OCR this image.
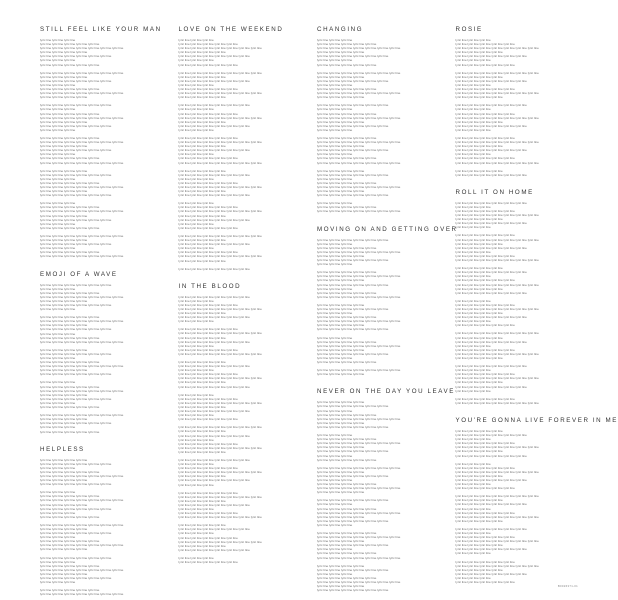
STILL FEEL LIKE YOUR MAN
lyric line lyric line lyric line
lyric line lyric line lyric line lyric line lyric line
lyric line lyric line lyric line lyric line lyric line lyric line lyric line
lyric line lyric line lyric line lyric line
lyric line lyric line lyric line lyric line lyric line lyric line
lyric line lyric line lyric line
lyric line lyric line lyric line lyric line lyric line
lyric line lyric line lyric line lyric line lyric line lyric line lyric line
lyric line lyric line lyric line lyric line
lyric line lyric line lyric line lyric line lyric line lyric line
lyric line lyric line lyric line
lyric line lyric line lyric line lyric line lyric line
lyric line lyric line lyric line lyric line lyric line lyric line lyric line
lyric line lyric line lyric line lyric line
lyric line lyric line lyric line lyric line lyric line lyric line
lyric line lyric line lyric line
lyric line lyric line lyric line lyric line lyric line
lyric line lyric line lyric line lyric line lyric line lyric line lyric line
lyric line lyric line lyric line lyric line
lyric line lyric line lyric line lyric line lyric line lyric line
lyric line lyric line lyric line
lyric line lyric line lyric line lyric line lyric line
lyric line lyric line lyric line lyric line lyric line lyric line lyric line
lyric line lyric line lyric line lyric line
lyric line lyric line lyric line lyric line lyric line lyric line
lyric line lyric line lyric line
lyric line lyric line lyric line lyric line lyric line
lyric line lyric line lyric line lyric line lyric line lyric line lyric line
lyric line lyric line lyric line lyric line
lyric line lyric line lyric line lyric line lyric line lyric line
lyric line lyric line lyric line
lyric line lyric line lyric line lyric line lyric line
lyric line lyric line lyric line lyric line lyric line lyric line lyric line
lyric line lyric line lyric line lyric line
lyric line lyric line lyric line lyric line lyric line lyric line
lyric line lyric line lyric line
lyric line lyric line lyric line lyric line lyric line
lyric line lyric line lyric line lyric line lyric line lyric line lyric line
lyric line lyric line lyric line lyric line
lyric line lyric line lyric line lyric line lyric line lyric line
lyric line lyric line lyric line
lyric line lyric line lyric line lyric line lyric line
lyric line lyric line lyric line lyric line lyric line lyric line lyric line
lyric line lyric line lyric line lyric line
lyric line lyric line lyric line lyric line lyric line lyric line
lyric line lyric line lyric line
lyric line lyric line lyric line lyric line lyric line
lyric line lyric line lyric line lyric line lyric line lyric line lyric line
EMOJI OF A WAVE
lyric line lyric line lyric line lyric line lyric line lyric line
lyric line lyric line lyric line
lyric line lyric line lyric line lyric line lyric line
lyric line lyric line lyric line lyric line lyric line lyric line lyric line
lyric line lyric line lyric line lyric line
lyric line lyric line lyric line lyric line lyric line lyric line
lyric line lyric line lyric line
lyric line lyric line lyric line lyric line lyric line
lyric line lyric line lyric line lyric line lyric line lyric line lyric line
lyric line lyric line lyric line lyric line
lyric line lyric line lyric line lyric line lyric line lyric line
lyric line lyric line lyric line
lyric line lyric line lyric line lyric line lyric line
lyric line lyric line lyric line lyric line lyric line lyric line lyric line
lyric line lyric line lyric line lyric line
lyric line lyric line lyric line lyric line lyric line lyric line
lyric line lyric line lyric line
lyric line lyric line lyric line lyric line lyric line
lyric line lyric line lyric line lyric line lyric line lyric line lyric line
lyric line lyric line lyric line lyric line
lyric line lyric line lyric line lyric line lyric line lyric line
lyric line lyric line lyric line
lyric line lyric line lyric line lyric line lyric line
lyric line lyric line lyric line lyric line lyric line lyric line lyric line
lyric line lyric line lyric line lyric line
lyric line lyric line lyric line lyric line lyric line lyric line
lyric line lyric line lyric line
lyric line lyric line lyric line lyric line lyric line
lyric line lyric line lyric line lyric line lyric line lyric line lyric line
lyric line lyric line lyric line lyric line
lyric line lyric line lyric line lyric line lyric line lyric line
lyric line lyric line lyric line
lyric line lyric line lyric line lyric line lyric line
HELPLESS
lyric line lyric line lyric line lyric line
lyric line lyric line lyric line lyric line lyric line lyric line
lyric line lyric line lyric line
lyric line lyric line lyric line lyric line lyric line
lyric line lyric line lyric line lyric line lyric line lyric line lyric line
lyric line lyric line lyric line lyric line
lyric line lyric line lyric line lyric line lyric line lyric line
lyric line lyric line lyric line
lyric line lyric line lyric line lyric line lyric line
lyric line lyric line lyric line lyric line lyric line lyric line lyric line
lyric line lyric line lyric line lyric line
lyric line lyric line lyric line lyric line lyric line lyric line
lyric line lyric line lyric line
lyric line lyric line lyric line lyric line lyric line
lyric line lyric line lyric line lyric line lyric line lyric line lyric line
lyric line lyric line lyric line lyric line
lyric line lyric line lyric line lyric line lyric line lyric line
lyric line lyric line lyric line
lyric line lyric line lyric line lyric line lyric line
lyric line lyric line lyric line lyric line lyric line lyric line lyric line
lyric line lyric line lyric line lyric line
lyric line lyric line lyric line lyric line lyric line lyric line
lyric line lyric line lyric line
lyric line lyric line lyric line lyric line lyric line
lyric line lyric line lyric line lyric line lyric line lyric line lyric line
lyric line lyric line lyric line lyric line
lyric line lyric line lyric line lyric line lyric line lyric line
lyric line lyric line lyric line
lyric line lyric line lyric line lyric line lyric line
lyric line lyric line lyric line lyric line lyric line lyric line lyric line
LOVE ON THE WEEKEND
lyric line lyric line lyric line
lyric line lyric line lyric line lyric line lyric line
lyric line lyric line lyric line lyric line lyric line lyric line lyric line
lyric line lyric line lyric line lyric line
lyric line lyric line lyric line lyric line lyric line lyric line
lyric line lyric line lyric line
lyric line lyric line lyric line lyric line lyric line
lyric line lyric line lyric line lyric line lyric line lyric line lyric line
lyric line lyric line lyric line lyric line
lyric line lyric line lyric line lyric line lyric line lyric line
lyric line lyric line lyric line
lyric line lyric line lyric line lyric line lyric line
lyric line lyric line lyric line lyric line lyric line lyric line lyric line
lyric line lyric line lyric line lyric line
lyric line lyric line lyric line lyric line lyric line lyric line
lyric line lyric line lyric line
lyric line lyric line lyric line lyric line lyric line
lyric line lyric line lyric line lyric line lyric line lyric line lyric line
lyric line lyric line lyric line lyric line
lyric line lyric line lyric line lyric line lyric line lyric line
lyric line lyric line lyric line
lyric line lyric line lyric line lyric line lyric line
lyric line lyric line lyric line lyric line lyric line lyric line lyric line
lyric line lyric line lyric line lyric line
lyric line lyric line lyric line lyric line lyric line lyric line
lyric line lyric line lyric line
lyric line lyric line lyric line lyric line lyric line
lyric line lyric line lyric line lyric line lyric line lyric line lyric line
lyric line lyric line lyric line lyric line
lyric line lyric line lyric line lyric line lyric line lyric line
lyric line lyric line lyric line
lyric line lyric line lyric line lyric line lyric line
lyric line lyric line lyric line lyric line lyric line lyric line lyric line
lyric line lyric line lyric line lyric line
lyric line lyric line lyric line lyric line lyric line lyric line
lyric line lyric line lyric line
lyric line lyric line lyric line lyric line lyric line
lyric line lyric line lyric line lyric line lyric line lyric line lyric line
lyric line lyric line lyric line lyric line
lyric line lyric line lyric line lyric line lyric line lyric line
lyric line lyric line lyric line
lyric line lyric line lyric line lyric line lyric line
lyric line lyric line lyric line lyric line lyric line lyric line lyric line
lyric line lyric line lyric line lyric line
lyric line lyric line lyric line lyric line lyric line lyric line
lyric line lyric line lyric line
lyric line lyric line lyric line lyric line lyric line
lyric line lyric line lyric line lyric line lyric line lyric line lyric line
lyric line lyric line lyric line lyric line
lyric line lyric line lyric line lyric line lyric line lyric line
IN THE BLOOD
lyric line lyric line lyric line lyric line lyric line lyric line
lyric line lyric line lyric line
lyric line lyric line lyric line lyric line lyric line
lyric line lyric line lyric line lyric line lyric line lyric line lyric line
lyric line lyric line lyric line lyric line
lyric line lyric line lyric line lyric line lyric line lyric line
lyric line lyric line lyric line
lyric line lyric line lyric line lyric line lyric line
lyric line lyric line lyric line lyric line lyric line lyric line lyric line
lyric line lyric line lyric line lyric line
lyric line lyric line lyric line lyric line lyric line lyric line
lyric line lyric line lyric line
lyric line lyric line lyric line lyric line lyric line
lyric line lyric line lyric line lyric line lyric line lyric line lyric line
lyric line lyric line lyric line lyric line
lyric line lyric line lyric line lyric line lyric line lyric line
lyric line lyric line lyric line
lyric line lyric line lyric line lyric line lyric line
lyric line lyric line lyric line lyric line lyric line lyric line lyric line
lyric line lyric line lyric line lyric line
lyric line lyric line lyric line lyric line lyric line lyric line
lyric line lyric line lyric line
lyric line lyric line lyric line lyric line lyric line
lyric line lyric line lyric line lyric line lyric line lyric line lyric line
lyric line lyric line lyric line lyric line
lyric line lyric line lyric line lyric line lyric line lyric line
lyric line lyric line lyric line
lyric line lyric line lyric line lyric line lyric line
lyric line lyric line lyric line lyric line lyric line lyric line lyric line
lyric line lyric line lyric line lyric line
lyric line lyric line lyric line lyric line lyric line lyric line
lyric line lyric line lyric line
lyric line lyric line lyric line lyric line lyric line
lyric line lyric line lyric line lyric line lyric line lyric line lyric line
lyric line lyric line lyric line lyric line
lyric line lyric line lyric line lyric line lyric line lyric line
lyric line lyric line lyric line
lyric line lyric line lyric line lyric line lyric line
lyric line lyric line lyric line lyric line lyric line lyric line lyric line
lyric line lyric line lyric line lyric line
lyric line lyric line lyric line lyric line lyric line lyric line
lyric line lyric line lyric line
lyric line lyric line lyric line lyric line lyric line
lyric line lyric line lyric line lyric line lyric line lyric line lyric line
lyric line lyric line lyric line lyric line
lyric line lyric line lyric line lyric line lyric line lyric line
lyric line lyric line lyric line
lyric line lyric line lyric line lyric line lyric line
lyric line lyric line lyric line lyric line lyric line lyric line lyric line
lyric line lyric line lyric line lyric line
lyric line lyric line lyric line lyric line lyric line lyric line
lyric line lyric line lyric line
lyric line lyric line lyric line lyric line lyric line
lyric line lyric line lyric line lyric line lyric line lyric line lyric line
lyric line lyric line lyric line lyric line
lyric line lyric line lyric line lyric line lyric line lyric line
lyric line lyric line lyric line
lyric line lyric line lyric line lyric line lyric line
CHANGING
lyric line lyric line lyric line
lyric line lyric line lyric line lyric line lyric line
lyric line lyric line lyric line lyric line lyric line lyric line lyric line
lyric line lyric line lyric line lyric line
lyric line lyric line lyric line lyric line lyric line lyric line
lyric line lyric line lyric line
lyric line lyric line lyric line lyric line lyric line
lyric line lyric line lyric line lyric line lyric line lyric line lyric line
lyric line lyric line lyric line lyric line
lyric line lyric line lyric line lyric line lyric line lyric line
lyric line lyric line lyric line
lyric line lyric line lyric line lyric line lyric line
lyric line lyric line lyric line lyric line lyric line lyric line lyric line
lyric line lyric line lyric line lyric line
lyric line lyric line lyric line lyric line lyric line lyric line
lyric line lyric line lyric line
lyric line lyric line lyric line lyric line lyric line
lyric line lyric line lyric line lyric line lyric line lyric line lyric line
lyric line lyric line lyric line lyric line
lyric line lyric line lyric line lyric line lyric line lyric line
lyric line lyric line lyric line
lyric line lyric line lyric line lyric line lyric line
lyric line lyric line lyric line lyric line lyric line lyric line lyric line
lyric line lyric line lyric line lyric line
lyric line lyric line lyric line lyric line lyric line lyric line
lyric line lyric line lyric line
lyric line lyric line lyric line lyric line lyric line
lyric line lyric line lyric line lyric line lyric line lyric line lyric line
lyric line lyric line lyric line lyric line
lyric line lyric line lyric line lyric line lyric line lyric line
lyric line lyric line lyric line
lyric line lyric line lyric line lyric line lyric line
lyric line lyric line lyric line lyric line lyric line lyric line lyric line
lyric line lyric line lyric line lyric line
lyric line lyric line lyric line lyric line lyric line lyric line
lyric line lyric line lyric line
lyric line lyric line lyric line lyric line lyric line
lyric line lyric line lyric line lyric line lyric line lyric line lyric line
MOVING ON AND GETTING OVER
lyric line lyric line lyric line lyric line lyric line lyric line
lyric line lyric line lyric line
lyric line lyric line lyric line lyric line lyric line
lyric line lyric line lyric line lyric line lyric line lyric line lyric line
lyric line lyric line lyric line lyric line
lyric line lyric line lyric line lyric line lyric line lyric line
lyric line lyric line lyric line
lyric line lyric line lyric line lyric line lyric line
lyric line lyric line lyric line lyric line lyric line lyric line lyric line
lyric line lyric line lyric line lyric line
lyric line lyric line lyric line lyric line lyric line lyric line
lyric line lyric line lyric line
lyric line lyric line lyric line lyric line lyric line
lyric line lyric line lyric line lyric line lyric line lyric line lyric line
lyric line lyric line lyric line lyric line
lyric line lyric line lyric line lyric line lyric line lyric line
lyric line lyric line lyric line
lyric line lyric line lyric line lyric line lyric line
lyric line lyric line lyric line lyric line lyric line lyric line lyric line
lyric line lyric line lyric line lyric line
lyric line lyric line lyric line lyric line lyric line lyric line
lyric line lyric line lyric line
lyric line lyric line lyric line lyric line lyric line
lyric line lyric line lyric line lyric line lyric line lyric line lyric line
lyric line lyric line lyric line lyric line
lyric line lyric line lyric line lyric line lyric line lyric line
lyric line lyric line lyric line
lyric line lyric line lyric line lyric line lyric line
lyric line lyric line lyric line lyric line lyric line lyric line lyric line
lyric line lyric line lyric line lyric line
NEVER ON THE DAY YOU LEAVE
lyric line lyric line lyric line lyric line
lyric line lyric line lyric line lyric line lyric line lyric line
lyric line lyric line lyric line
lyric line lyric line lyric line lyric line lyric line
lyric line lyric line lyric line lyric line lyric line lyric line lyric line
lyric line lyric line lyric line lyric line
lyric line lyric line lyric line lyric line lyric line lyric line
lyric line lyric line lyric line
lyric line lyric line lyric line lyric line lyric line
lyric line lyric line lyric line lyric line lyric line lyric line lyric line
lyric line lyric line lyric line lyric line
lyric line lyric line lyric line lyric line lyric line lyric line
lyric line lyric line lyric line
lyric line lyric line lyric line lyric line lyric line
lyric line lyric line lyric line lyric line lyric line lyric line lyric line
lyric line lyric line lyric line lyric line
lyric line lyric line lyric line lyric line lyric line lyric line
lyric line lyric line lyric line
lyric line lyric line lyric line lyric line lyric line
lyric line lyric line lyric line lyric line lyric line lyric line lyric line
lyric line lyric line lyric line lyric line
lyric line lyric line lyric line lyric line lyric line lyric line
lyric line lyric line lyric line
lyric line lyric line lyric line lyric line lyric line
lyric line lyric line lyric line lyric line lyric line lyric line lyric line
lyric line lyric line lyric line lyric line
lyric line lyric line lyric line lyric line lyric line lyric line
lyric line lyric line lyric line
lyric line lyric line lyric line lyric line lyric line
lyric line lyric line lyric line lyric line lyric line lyric line lyric line
lyric line lyric line lyric line lyric line
lyric line lyric line lyric line lyric line lyric line lyric line
lyric line lyric line lyric line
lyric line lyric line lyric line lyric line lyric line
lyric line lyric line lyric line lyric line lyric line lyric line lyric line
lyric line lyric line lyric line lyric line
lyric line lyric line lyric line lyric line lyric line lyric line
lyric line lyric line lyric line
lyric line lyric line lyric line lyric line lyric line
lyric line lyric line lyric line lyric line lyric line lyric line lyric line
lyric line lyric line lyric line lyric line
lyric line lyric line lyric line lyric line lyric line lyric line
ROSIE
lyric line lyric line lyric line
lyric line lyric line lyric line lyric line lyric line
lyric line lyric line lyric line lyric line lyric line lyric line lyric line
lyric line lyric line lyric line lyric line
lyric line lyric line lyric line lyric line lyric line lyric line
lyric line lyric line lyric line
lyric line lyric line lyric line lyric line lyric line
lyric line lyric line lyric line lyric line lyric line lyric line lyric line
lyric line lyric line lyric line lyric line
lyric line lyric line lyric line lyric line lyric line lyric line
lyric line lyric line lyric line
lyric line lyric line lyric line lyric line lyric line
lyric line lyric line lyric line lyric line lyric line lyric line lyric line
lyric line lyric line lyric line lyric line
lyric line lyric line lyric line lyric line lyric line lyric line
lyric line lyric line lyric line
lyric line lyric line lyric line lyric line lyric line
lyric line lyric line lyric line lyric line lyric line lyric line lyric line
lyric line lyric line lyric line lyric line
lyric line lyric line lyric line lyric line lyric line lyric line
lyric line lyric line lyric line
lyric line lyric line lyric line lyric line lyric line
lyric line lyric line lyric line lyric line lyric line lyric line lyric line
lyric line lyric line lyric line lyric line
lyric line lyric line lyric line lyric line lyric line lyric line
lyric line lyric line lyric line
lyric line lyric line lyric line lyric line lyric line
lyric line lyric line lyric line lyric line lyric line lyric line lyric line
lyric line lyric line lyric line lyric line
lyric line lyric line lyric line lyric line lyric line lyric line
ROLL IT ON HOME
lyric line lyric line lyric line lyric line lyric line lyric line
lyric line lyric line lyric line
lyric line lyric line lyric line lyric line lyric line
lyric line lyric line lyric line lyric line lyric line lyric line lyric line
lyric line lyric line lyric line lyric line
lyric line lyric line lyric line lyric line lyric line lyric line
lyric line lyric line lyric line
lyric line lyric line lyric line lyric line lyric line
lyric line lyric line lyric line lyric line lyric line lyric line lyric line
lyric line lyric line lyric line lyric line
lyric line lyric line lyric line lyric line lyric line lyric line
lyric line lyric line lyric line
lyric line lyric line lyric line lyric line lyric line
lyric line lyric line lyric line lyric line lyric line lyric line lyric line
lyric line lyric line lyric line lyric line
lyric line lyric line lyric line lyric line lyric line lyric line
lyric line lyric line lyric line
lyric line lyric line lyric line lyric line lyric line
lyric line lyric line lyric line lyric line lyric line lyric line lyric line
lyric line lyric line lyric line lyric line
lyric line lyric line lyric line lyric line lyric line lyric line
lyric line lyric line lyric line
lyric line lyric line lyric line lyric line lyric line
lyric line lyric line lyric line lyric line lyric line lyric line lyric line
lyric line lyric line lyric line lyric line
lyric line lyric line lyric line lyric line lyric line lyric line
lyric line lyric line lyric line
lyric line lyric line lyric line lyric line lyric line
lyric line lyric line lyric line lyric line lyric line lyric line lyric line
lyric line lyric line lyric line lyric line
lyric line lyric line lyric line lyric line lyric line lyric line
lyric line lyric line lyric line
lyric line lyric line lyric line lyric line lyric line
lyric line lyric line lyric line lyric line lyric line lyric line lyric line
lyric line lyric line lyric line lyric line
lyric line lyric line lyric line lyric line lyric line lyric line
lyric line lyric line lyric line
lyric line lyric line lyric line lyric line lyric line
lyric line lyric line lyric line lyric line lyric line lyric line lyric line
lyric line lyric line lyric line lyric line
lyric line lyric line lyric line lyric line lyric line lyric line
lyric line lyric line lyric line
lyric line lyric line lyric line lyric line lyric line
lyric line lyric line lyric line lyric line lyric line lyric line lyric line
YOU'RE GONNA LIVE FOREVER IN ME
lyric line lyric line lyric line lyric line
lyric line lyric line lyric line lyric line lyric line lyric line
lyric line lyric line lyric line
lyric line lyric line lyric line lyric line lyric line
lyric line lyric line lyric line lyric line lyric line lyric line lyric line
lyric line lyric line lyric line lyric line
lyric line lyric line lyric line lyric line lyric line lyric line
lyric line lyric line lyric line
lyric line lyric line lyric line lyric line lyric line
lyric line lyric line lyric line lyric line lyric line lyric line lyric line
lyric line lyric line lyric line lyric line
lyric line lyric line lyric line lyric line lyric line lyric line
lyric line lyric line lyric line
lyric line lyric line lyric line lyric line lyric line
lyric line lyric line lyric line lyric line lyric line lyric line lyric line
lyric line lyric line lyric line lyric line
lyric line lyric line lyric line lyric line lyric line lyric line
lyric line lyric line lyric line
lyric line lyric line lyric line lyric line lyric line
lyric line lyric line lyric line lyric line lyric line lyric line lyric line
lyric line lyric line lyric line lyric line
lyric line lyric line lyric line lyric line lyric line lyric line
lyric line lyric line lyric line
lyric line lyric line lyric line lyric line lyric line
lyric line lyric line lyric line lyric line lyric line lyric line lyric line
lyric line lyric line lyric line lyric line
lyric line lyric line lyric line lyric line lyric line lyric line
lyric line lyric line lyric line
lyric line lyric line lyric line lyric line lyric line
lyric line lyric line lyric line lyric line lyric line lyric line lyric line
lyric line lyric line lyric line lyric line
lyric line lyric line lyric line lyric line lyric line lyric line
lyric line lyric line lyric line
lyric line lyric line lyric line lyric line lyric line
B0026371-01
